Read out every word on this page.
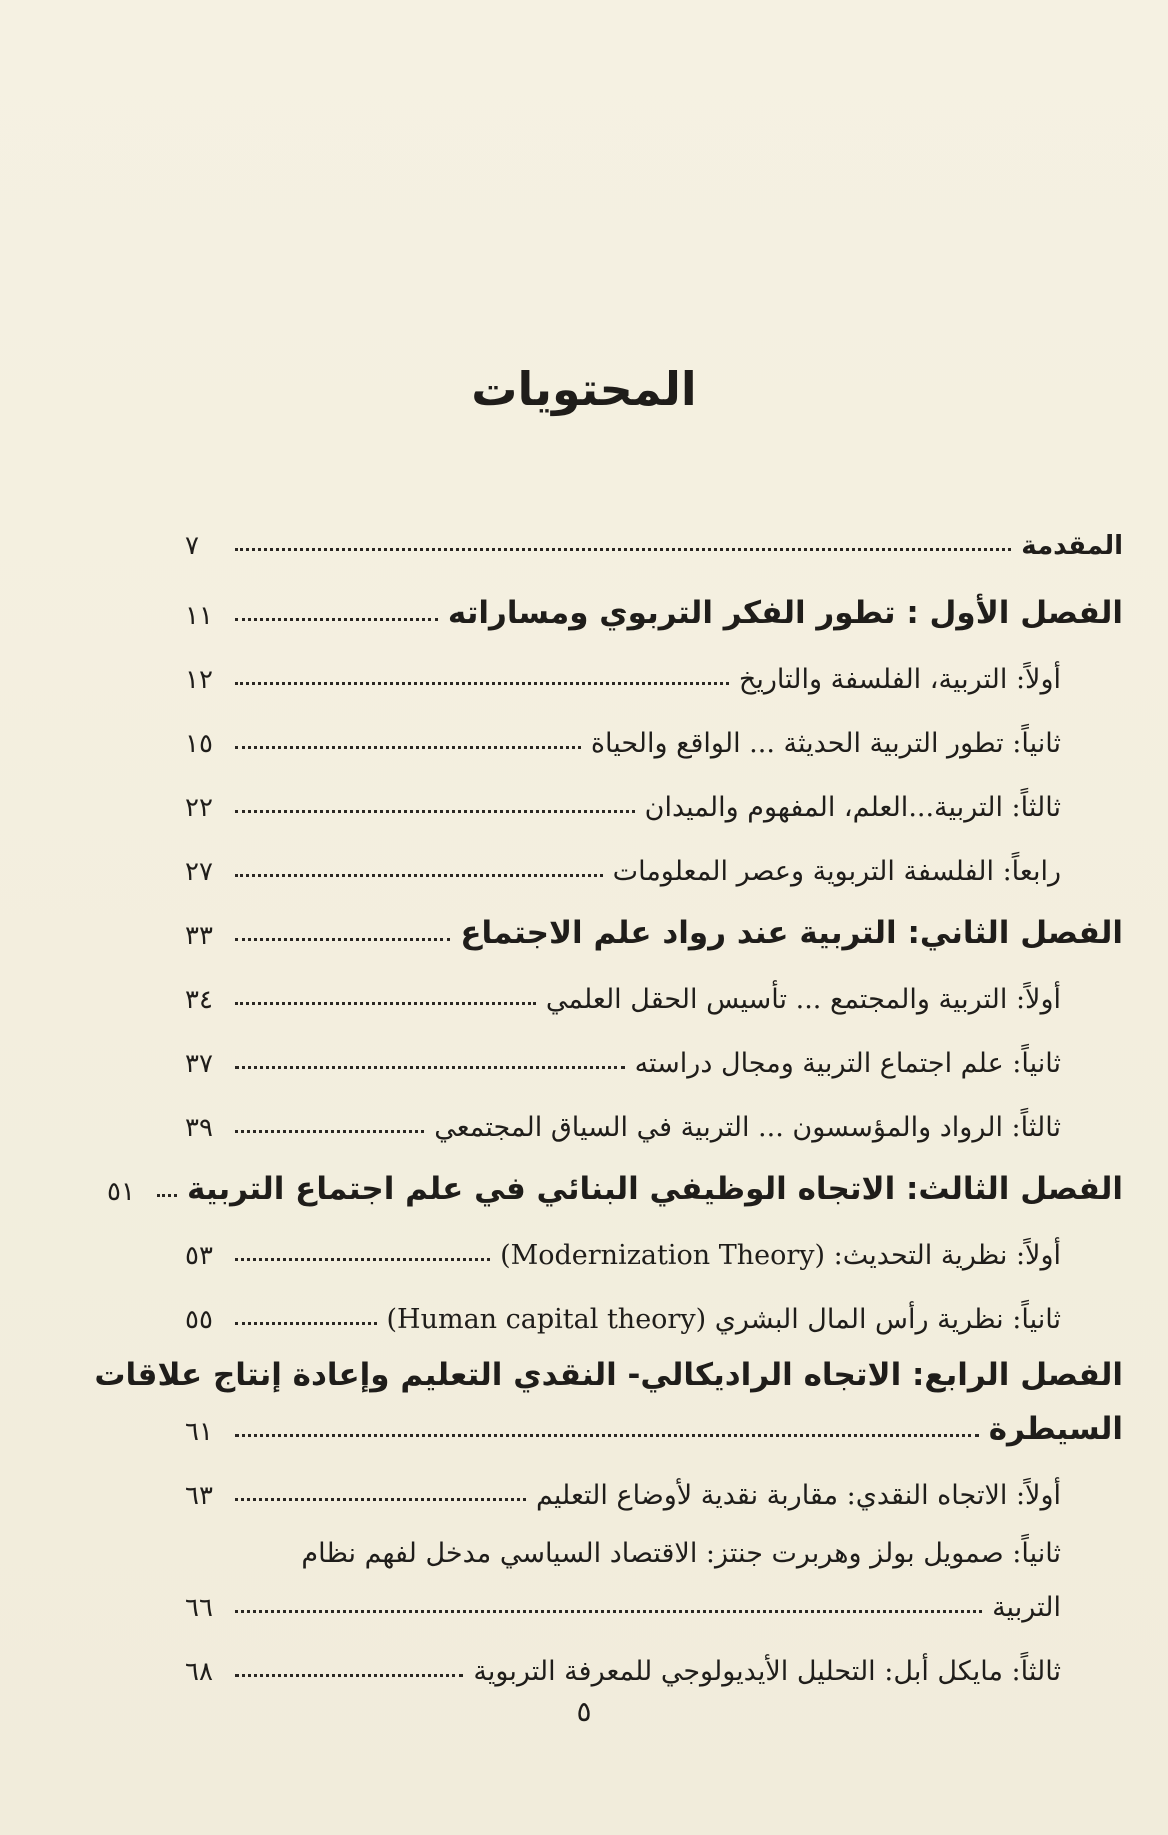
المحتويات
المقدمة
٧
الفصل الأول : تطور الفكر التربوي ومساراته
١١
أولاً: التربية، الفلسفة والتاريخ
١٢
ثانياً: تطور التربية الحديثة ... الواقع والحياة
١٥
ثالثاً: التربية...العلم، المفهوم والميدان
٢٢
رابعاً: الفلسفة التربوية وعصر المعلومات
٢٧
الفصل الثاني: التربية عند رواد علم الاجتماع
٣٣
أولاً: التربية والمجتمع ... تأسيس الحقل العلمي
٣٤
ثانياً: علم اجتماع التربية ومجال دراسته
٣٧
ثالثاً: الرواد والمؤسسون ... التربية في السياق المجتمعي
٣٩
الفصل الثالث: الاتجاه الوظيفي البنائي في علم اجتماع التربية
٥١
أولاً: نظرية التحديث: (Modernization Theory)
٥٣
ثانياً: نظرية رأس المال البشري (Human capital theory)
٥٥
الفصل الرابع: الاتجاه الراديكالي- النقدي التعليم وإعادة إنتاج علاقات
السيطرة
٦١
أولاً: الاتجاه النقدي: مقاربة نقدية لأوضاع التعليم
٦٣
ثانياً: صمويل بولز وهربرت جنتز: الاقتصاد السياسي مدخل لفهم نظام
التربية
٦٦
ثالثاً: مايكل أبل: التحليل الأيديولوجي للمعرفة التربوية
٦٨
٥
